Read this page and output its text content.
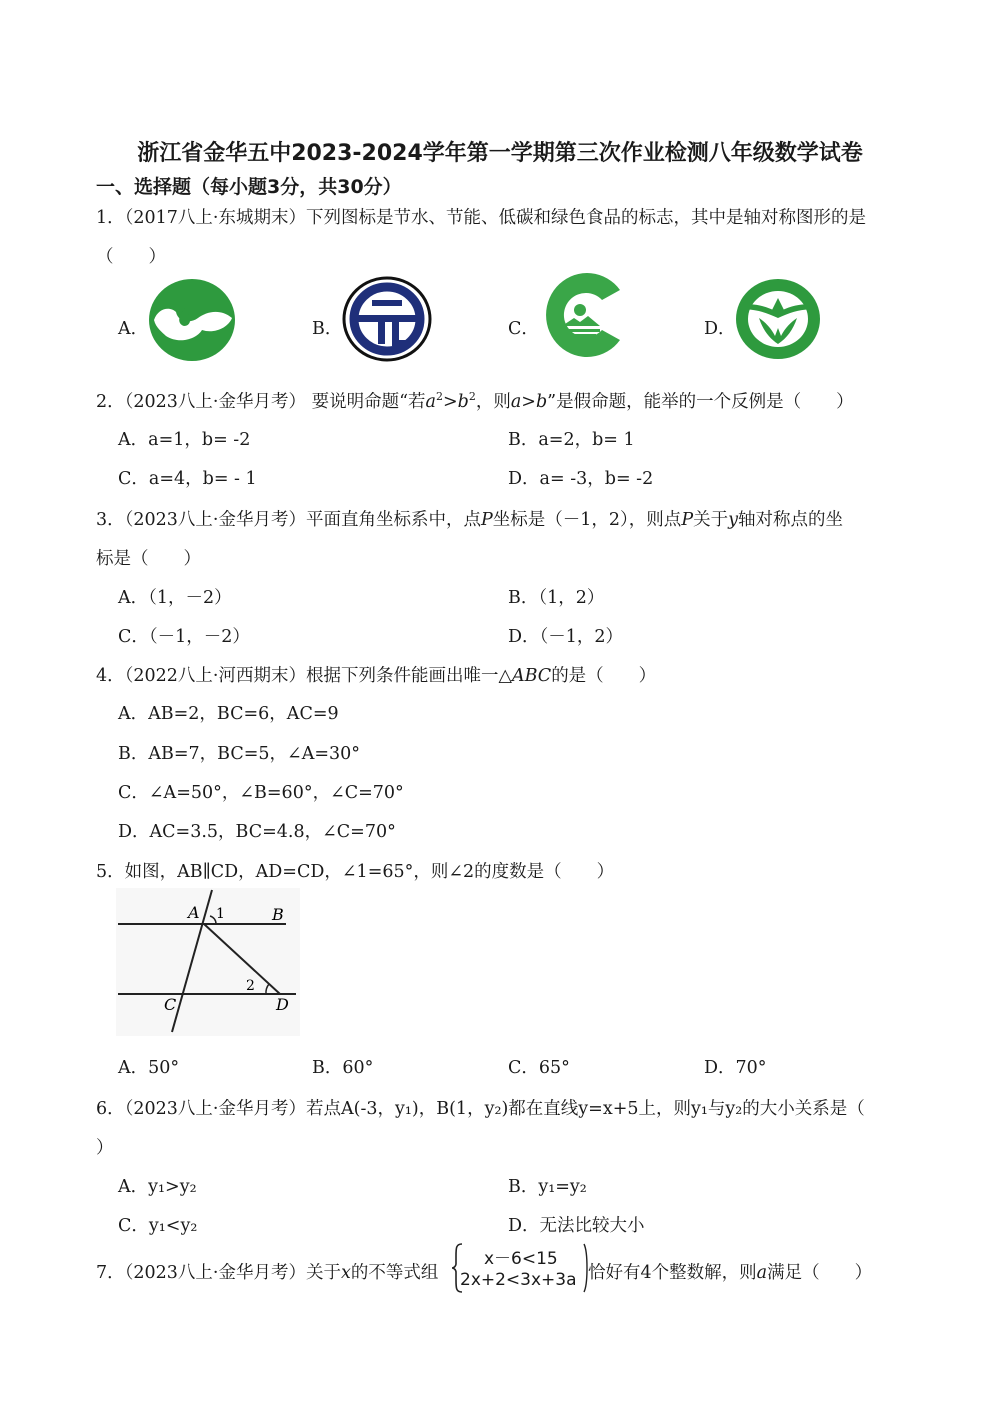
浙江省金华五中2023-2024学年第一学期第三次作业检测八年级数学试卷
一、选择题（每小题3分，共30分）
1．（2017八上·东城期末）下列图标是节水、节能、低碳和绿色食品的标志，其中是轴对称图形的是
（　　）
A．	B．	C．	D．
2．（2023八上·金华月考） 要说明命题“若$a^2>b^2$，则a>b”是假命题，能举的一个反例是（　　）
A．a=1，b= -2	B．a=2，b= 1
C．a=4，b= - 1	D．a= -3，b= -2
3．（2023八上·金华月考）平面直角坐标系中，点P坐标是（－1，2），则点P关于y轴对称点的坐
标是（　　）
A．（1，－2）	B．（1，2）
C．（－1，－2）	D．（－1，2）
4．（2022八上·河西期末）根据下列条件能画出唯一△ABC的是（　　）
A．AB=2，BC=6，AC=9
B．AB=7，BC=5，∠A=30°
C．∠A=50°，∠B=60°，∠C=70°
D．AC=3.5，BC=4.8，∠C=70°
5．如图，AB∥CD，AD=CD，∠1=65°，则∠2的度数是（　　）
A 1	B
2
C	D
A．50°	B．60°	C．65°	D．70°
6．（2023八上·金华月考）若点A(-3，y₁)，B(1，y₂)都在直线y=x+5上，则y₁与y₂的大小关系是（
）
A．y₁>y₂	B．y₁=y₂
C．y₁<y₂	D．无法比较大小
7．（2023八上·金华月考）关于x的不等式组
x－6<15
2x+2<3x+3a 恰好有4个整数解，则a满足（　　）
